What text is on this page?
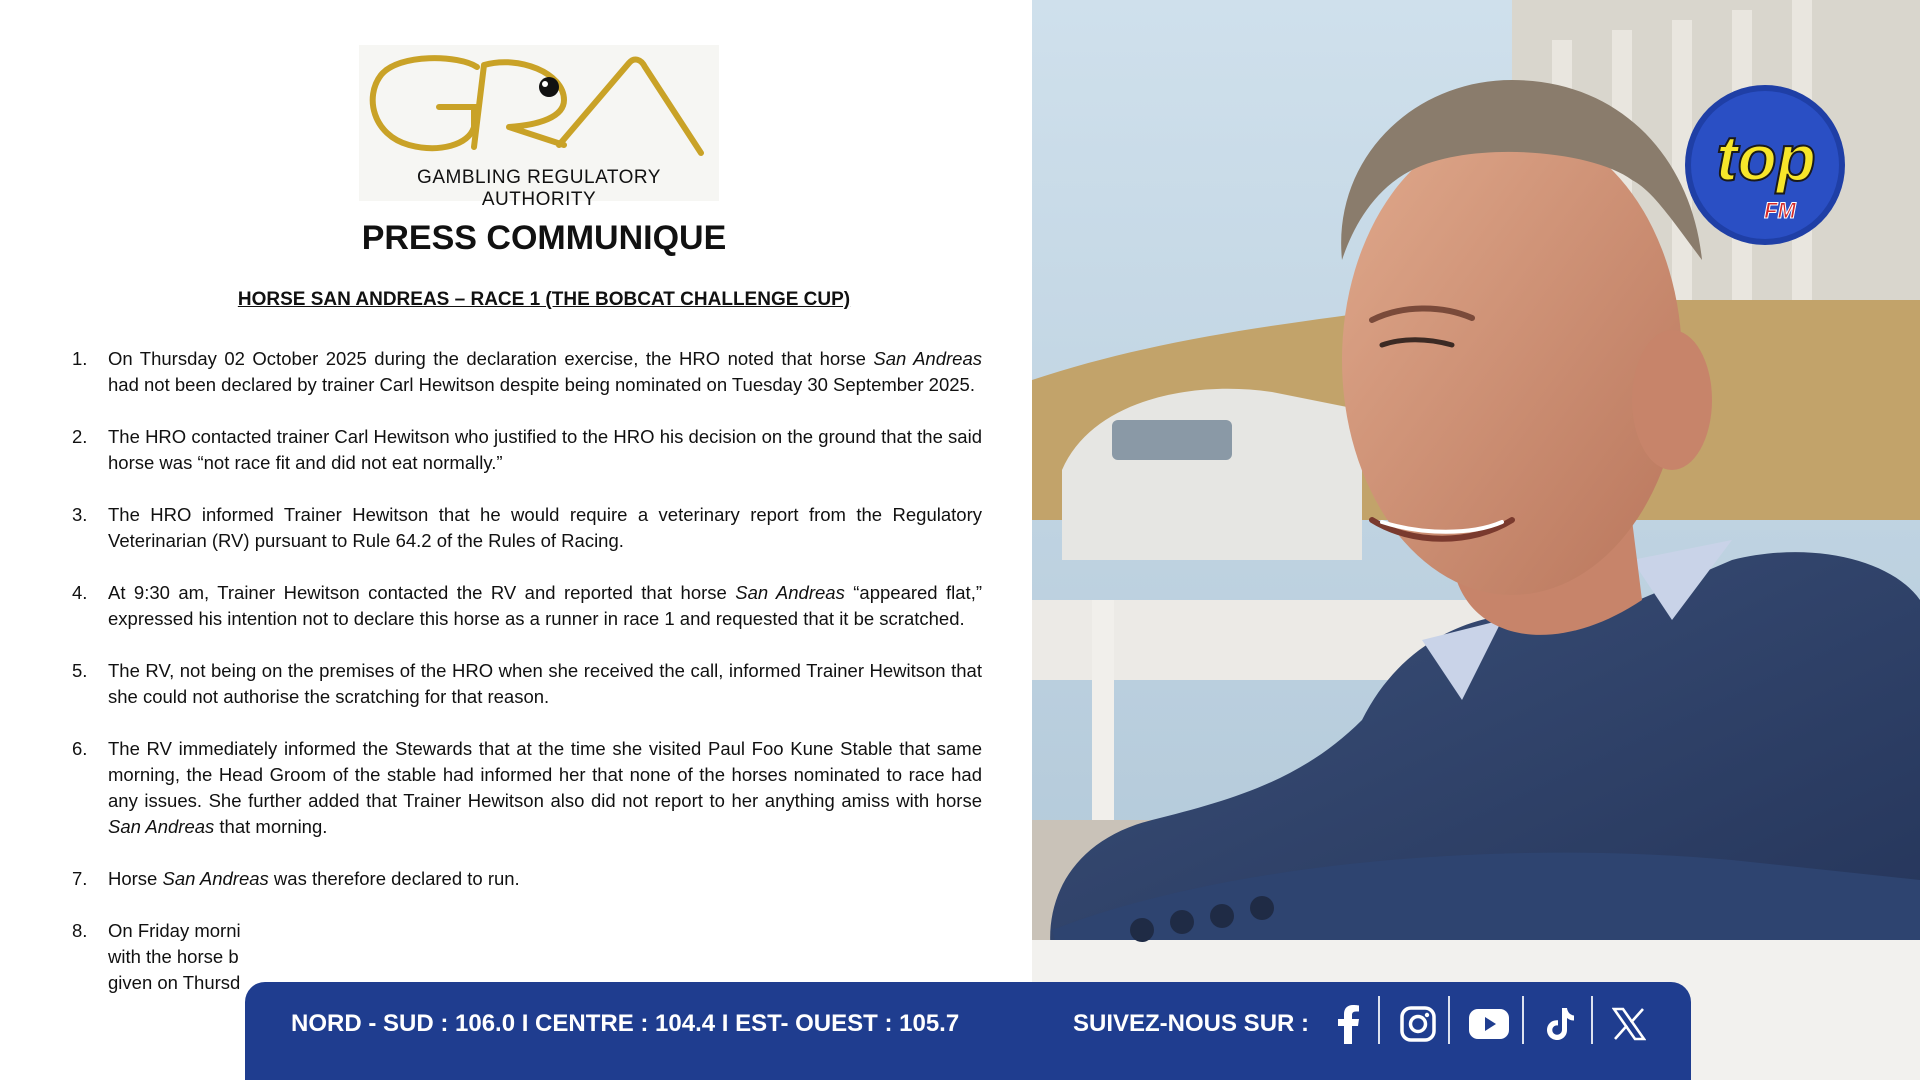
GAMBLING REGULATORY AUTHORITY
PRESS COMMUNIQUE
HORSE SAN ANDREAS – RACE 1 (THE BOBCAT CHALLENGE CUP)
1. On Thursday 02 October 2025 during the declaration exercise, the HRO noted that horse San Andreas had not been declared by trainer Carl Hewitson despite being nominated on Tuesday 30 September 2025.
2. The HRO contacted trainer Carl Hewitson who justified to the HRO his decision on the ground that the said horse was “not race fit and did not eat normally.”
3. The HRO informed Trainer Hewitson that he would require a veterinary report from the Regulatory Veterinarian (RV) pursuant to Rule 64.2 of the Rules of Racing.
4. At 9:30 am, Trainer Hewitson contacted the RV and reported that horse San Andreas “appeared flat,” expressed his intention not to declare this horse as a runner in race 1 and requested that it be scratched.
5. The RV, not being on the premises of the HRO when she received the call, informed Trainer Hewitson that she could not authorise the scratching for that reason.
6. The RV immediately informed the Stewards that at the time she visited Paul Foo Kune Stable that same morning, the Head Groom of the stable had informed her that none of the horses nominated to race had any issues. She further added that Trainer Hewitson also did not report to her anything amiss with horse San Andreas that morning.
7. Horse San Andreas was therefore declared to run.
8. On Friday morni
with the horse b
given on Thursd
top
FM
NORD - SUD : 106.0 I CENTRE : 104.4 I EST- OUEST : 105.7	SUIVEZ-NOUS SUR :
